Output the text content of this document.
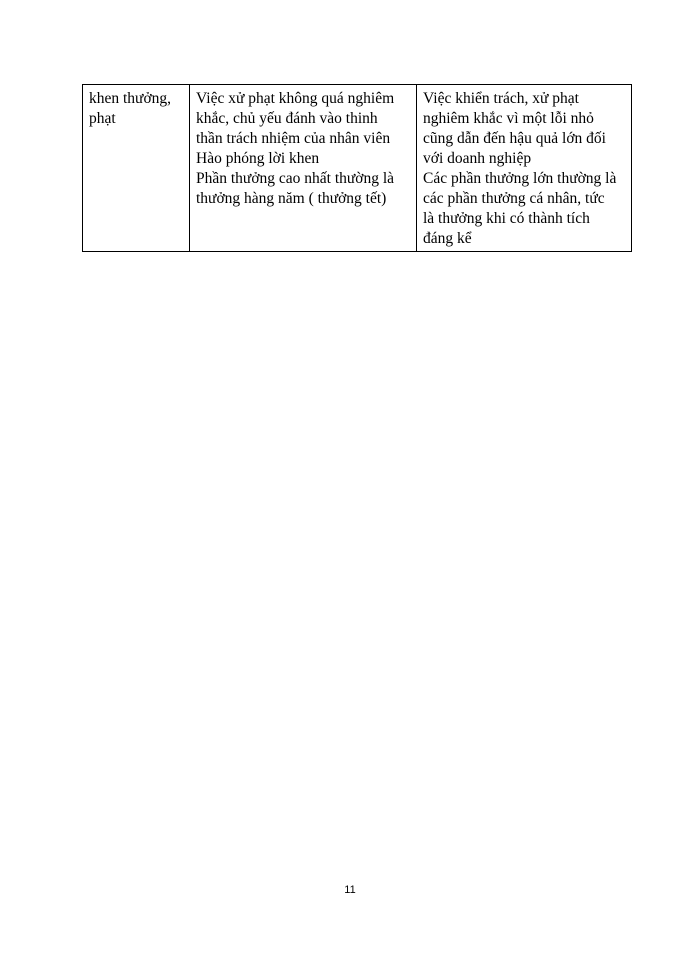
khen thưởng,
phạt

Việc xử phạt không quá nghiêm
khắc, chủ yếu đánh vào thinh
thần trách nhiệm của nhân viên
Hào phóng lời khen
Phần thưởng cao nhất thường là
thưởng hàng năm ( thưởng tết)

Việc khiển trách, xử phạt
nghiêm khắc vì một lỗi nhỏ
cũng dẫn đến hậu quả lớn đối
với doanh nghiệp
Các phần thưởng lớn thường là
các phần thưởng cá nhân, tức
là thưởng khi có thành tích
đáng kể
11
